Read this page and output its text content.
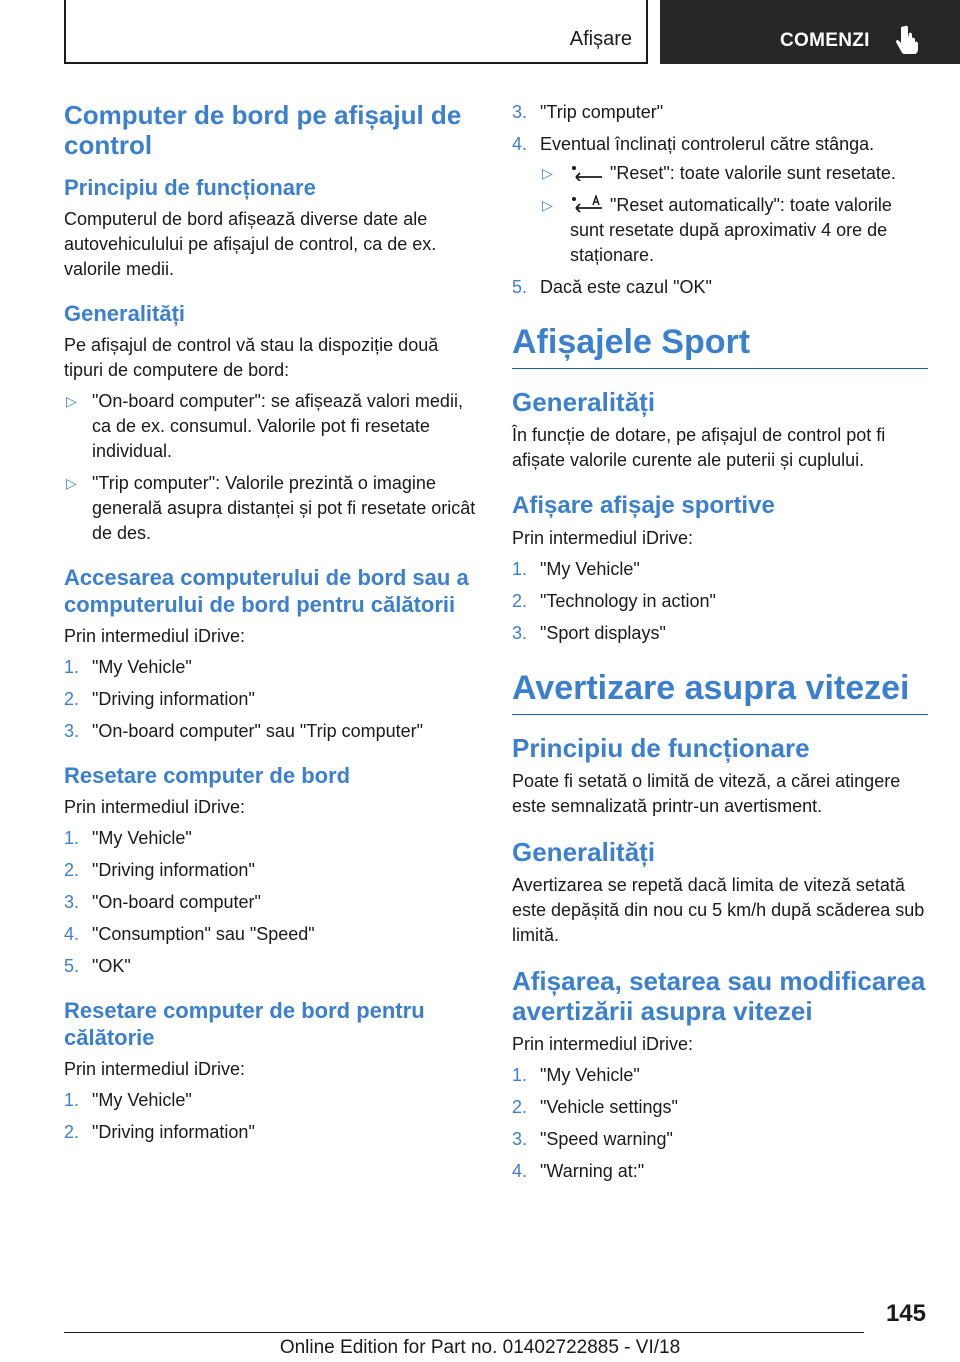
Afișare	COMENZI
Computer de bord pe afișajul de control
Principiu de funcționare

Computerul de bord afișează diverse date ale autovehiculului pe afișajul de control, ca de ex. valorile medii.

Generalități

Pe afișajul de control vă stau la dispoziție două tipuri de computere de bord:

▷ "On-board computer": se afișează valori medii, ca de ex. consumul. Valorile pot fi resetate individual.
▷ "Trip computer": Valorile prezintă o imagine generală asupra distanței și pot fi resetate oricât de des.
Accesarea computerului de bord sau a computerului de bord pentru călătorii

Prin intermediul iDrive:

1. "My Vehicle"
2. "Driving information"
3. "On-board computer" sau "Trip computer"
Resetare computer de bord

Prin intermediul iDrive:

1. "My Vehicle"
2. "Driving information"
3. "On-board computer"
4. "Consumption" sau "Speed"
5. "OK"
Resetare computer de bord pentru călătorie

Prin intermediul iDrive:

1. "My Vehicle"
2. "Driving information"
3. "Trip computer"
4. Eventual înclinați controlerul către stânga.
▷	"Reset": toate valorile sunt resetate.
▷	"Reset automatically": toate valorile sunt resetate după aproximativ 4 ore de staționare.
5. Dacă este cazul "OK"
Afișajele Sport
Generalități

În funcție de dotare, pe afișajul de control pot fi afișate valorile curente ale puterii și cuplului.

Afișare afișaje sportive

Prin intermediul iDrive:

1. "My Vehicle"
2. "Technology in action"
3. "Sport displays"
Avertizare asupra vitezei
Principiu de funcționare

Poate fi setată o limită de viteză, a cărei atingere este semnalizată printr-un avertisment.

Generalități

Avertizarea se repetă dacă limita de viteză setată este depășită din nou cu 5 km/h după scăderea sub limită.

Afișarea, setarea sau modificarea avertizării asupra vitezei

Prin intermediul iDrive:

1. "My Vehicle"
2. "Vehicle settings"
3. "Speed warning"
4. "Warning at:"
145
Online Edition for Part no. 01402722885 - VI/18
